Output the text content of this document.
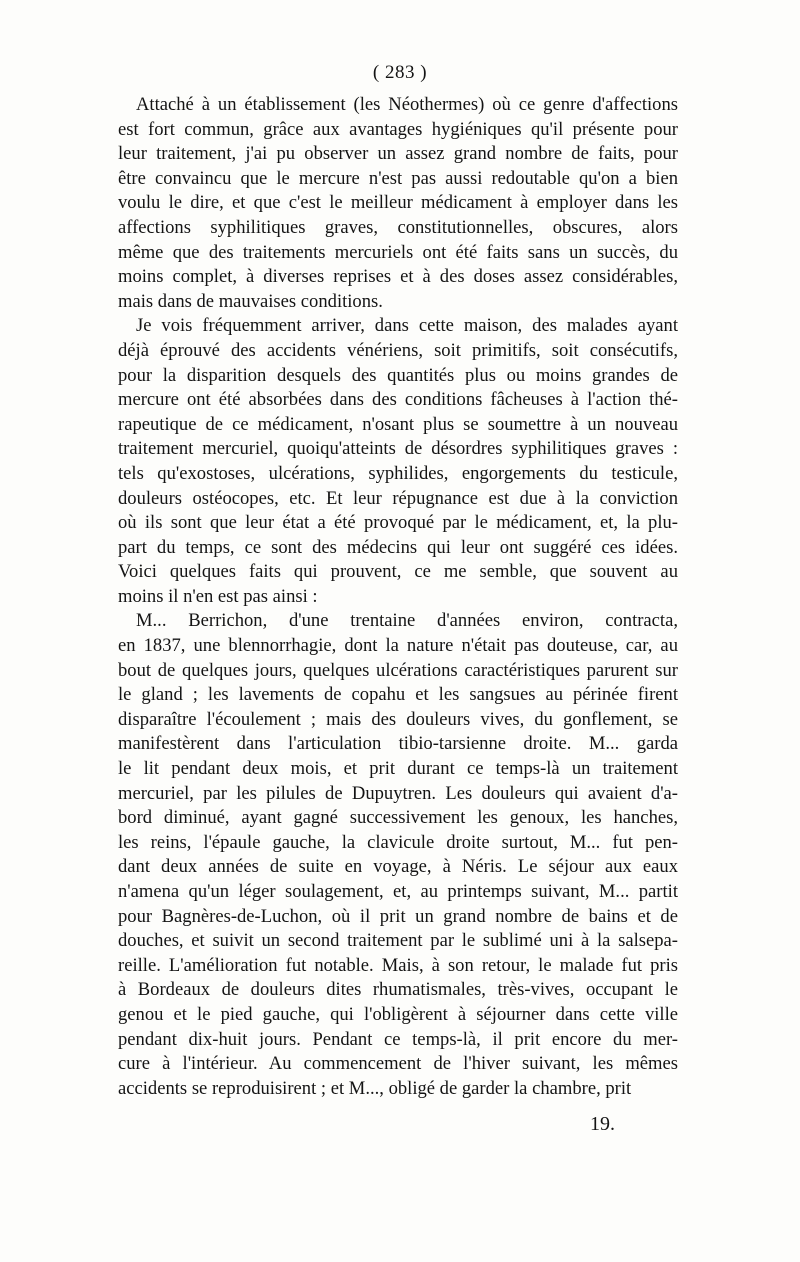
( 283 )
Attaché à un établissement (les Néothermes) où ce genre d'affections
est fort commun, grâce aux avantages hygiéniques qu'il présente pour
leur traitement, j'ai pu observer un assez grand nombre de faits, pour
être convaincu que le mercure n'est pas aussi redoutable qu'on a bien
voulu le dire, et que c'est le meilleur médicament à employer dans les
affections syphilitiques graves, constitutionnelles, obscures, alors
même que des traitements mercuriels ont été faits sans un succès, du
moins complet, à diverses reprises et à des doses assez considérables,
mais dans de mauvaises conditions.
Je vois fréquemment arriver, dans cette maison, des malades ayant
déjà éprouvé des accidents vénériens, soit primitifs, soit consécutifs,
pour la disparition desquels des quantités plus ou moins grandes de
mercure ont été absorbées dans des conditions fâcheuses à l'action thé-
rapeutique de ce médicament, n'osant plus se soumettre à un nouveau
traitement mercuriel, quoiqu'atteints de désordres syphilitiques graves :
tels qu'exostoses, ulcérations, syphilides, engorgements du testicule,
douleurs ostéocopes, etc. Et leur répugnance est due à la conviction
où ils sont que leur état a été provoqué par le médicament, et, la plu-
part du temps, ce sont des médecins qui leur ont suggéré ces idées.
Voici quelques faits qui prouvent, ce me semble, que souvent au
moins il n'en est pas ainsi :
M... Berrichon, d'une trentaine d'années environ, contracta,
en 1837, une blennorrhagie, dont la nature n'était pas douteuse, car, au
bout de quelques jours, quelques ulcérations caractéristiques parurent sur
le gland ; les lavements de copahu et les sangsues au périnée firent
disparaître l'écoulement ; mais des douleurs vives, du gonflement, se
manifestèrent dans l'articulation tibio-tarsienne droite. M... garda
le lit pendant deux mois, et prit durant ce temps-là un traitement
mercuriel, par les pilules de Dupuytren. Les douleurs qui avaient d'a-
bord diminué, ayant gagné successivement les genoux, les hanches,
les reins, l'épaule gauche, la clavicule droite surtout, M... fut pen-
dant deux années de suite en voyage, à Néris. Le séjour aux eaux
n'amena qu'un léger soulagement, et, au printemps suivant, M... partit
pour Bagnères-de-Luchon, où il prit un grand nombre de bains et de
douches, et suivit un second traitement par le sublimé uni à la salsepa-
reille. L'amélioration fut notable. Mais, à son retour, le malade fut pris
à Bordeaux de douleurs dites rhumatismales, très-vives, occupant le
genou et le pied gauche, qui l'obligèrent à séjourner dans cette ville
pendant dix-huit jours. Pendant ce temps-là, il prit encore du mer-
cure à l'intérieur. Au commencement de l'hiver suivant, les mêmes
accidents se reproduisirent ; et M..., obligé de garder la chambre, prit
19.
